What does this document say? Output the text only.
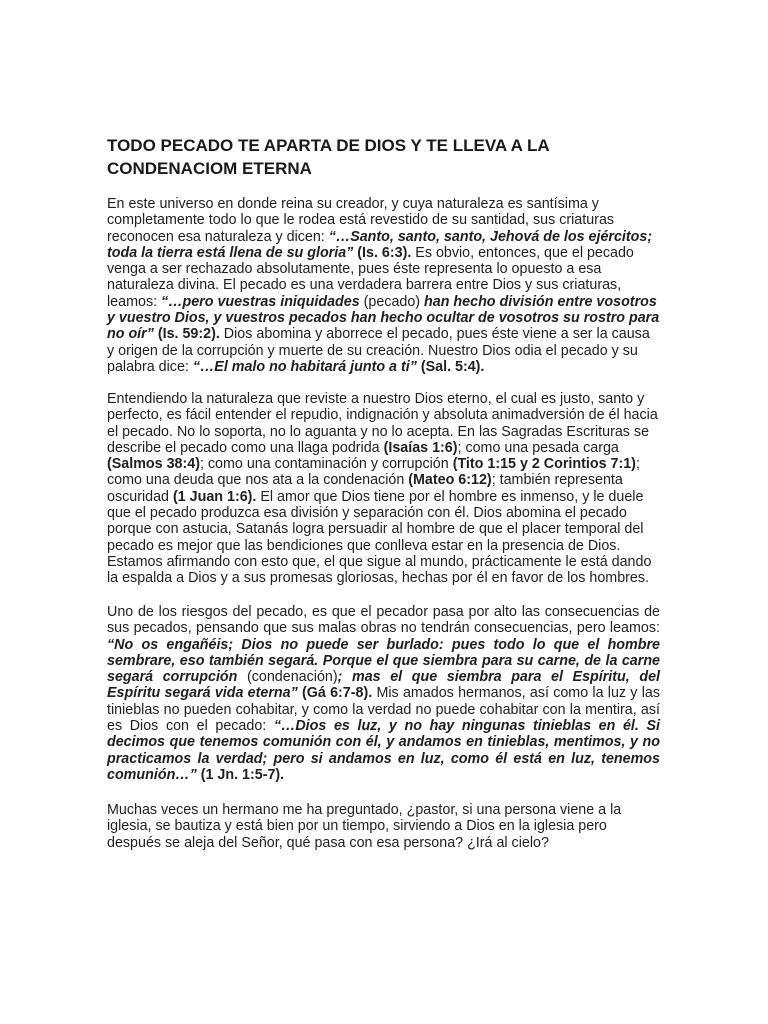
TODO PECADO TE APARTA DE DIOS Y TE LLEVA A LA CONDENACIOM ETERNA

En este universo en donde reina su creador, y cuya naturaleza es santísima y completamente todo lo que le rodea está revestido de su santidad, sus criaturas reconocen esa naturaleza y dicen: “…Santo, santo, santo, Jehová de los ejércitos; toda la tierra está llena de su gloria” (Is. 6:3). Es obvio, entonces, que el pecado venga a ser rechazado absolutamente, pues éste representa lo opuesto a esa naturaleza divina. El pecado es una verdadera barrera entre Dios y sus criaturas, leamos: “…pero vuestras iniquidades (pecado) han hecho división entre vosotros y vuestro Dios, y vuestros pecados han hecho ocultar de vosotros su rostro para no oír” (Is. 59:2). Dios abomina y aborrece el pecado, pues éste viene a ser la causa y origen de la corrupción y muerte de su creación. Nuestro Dios odia el pecado y su palabra dice: “…El malo no habitará junto a ti” (Sal. 5:4).

Entendiendo la naturaleza que reviste a nuestro Dios eterno, el cual es justo, santo y perfecto, es fácil entender el repudio, indignación y absoluta animadversión de él hacia el pecado. No lo soporta, no lo aguanta y no lo acepta. En las Sagradas Escrituras se describe el pecado como una llaga podrida (Isaías 1:6); como una pesada carga (Salmos 38:4); como una contaminación y corrupción (Tito 1:15 y 2 Corintios 7:1); como una deuda que nos ata a la condenación (Mateo 6:12); también representa oscuridad (1 Juan 1:6). El amor que Dios tiene por el hombre es inmenso, y le duele que el pecado produzca esa división y separación con él. Dios abomina el pecado porque con astucia, Satanás logra persuadir al hombre de que el placer temporal del pecado es mejor que las bendiciones que conlleva estar en la presencia de Dios. Estamos afirmando con esto que, el que sigue al mundo, prácticamente le está dando la espalda a Dios y a sus promesas gloriosas, hechas por él en favor de los hombres.

Uno de los riesgos del pecado, es que el pecador pasa por alto las consecuencias de sus pecados, pensando que sus malas obras no tendrán consecuencias, pero leamos: “No os engañéis; Dios no puede ser burlado: pues todo lo que el hombre sembrare, eso también segará. Porque el que siembra para su carne, de la carne segará corrupción (condenación); mas el que siembra para el Espíritu, del Espíritu segará vida eterna” (Gá 6:7-8). Mis amados hermanos, así como la luz y las tinieblas no pueden cohabitar, y como la verdad no puede cohabitar con la mentira, así es Dios con el pecado: “…Dios es luz, y no hay ningunas tinieblas en él. Si decimos que tenemos comunión con él, y andamos en tinieblas, mentimos, y no practicamos la verdad; pero si andamos en luz, como él está en luz, tenemos comunión…” (1 Jn. 1:5-7).

Muchas veces un hermano me ha preguntado, ¿pastor, si una persona viene a la iglesia, se bautiza y está bien por un tiempo, sirviendo a Dios en la iglesia pero después se aleja del Señor, qué pasa con esa persona? ¿Irá al cielo?
